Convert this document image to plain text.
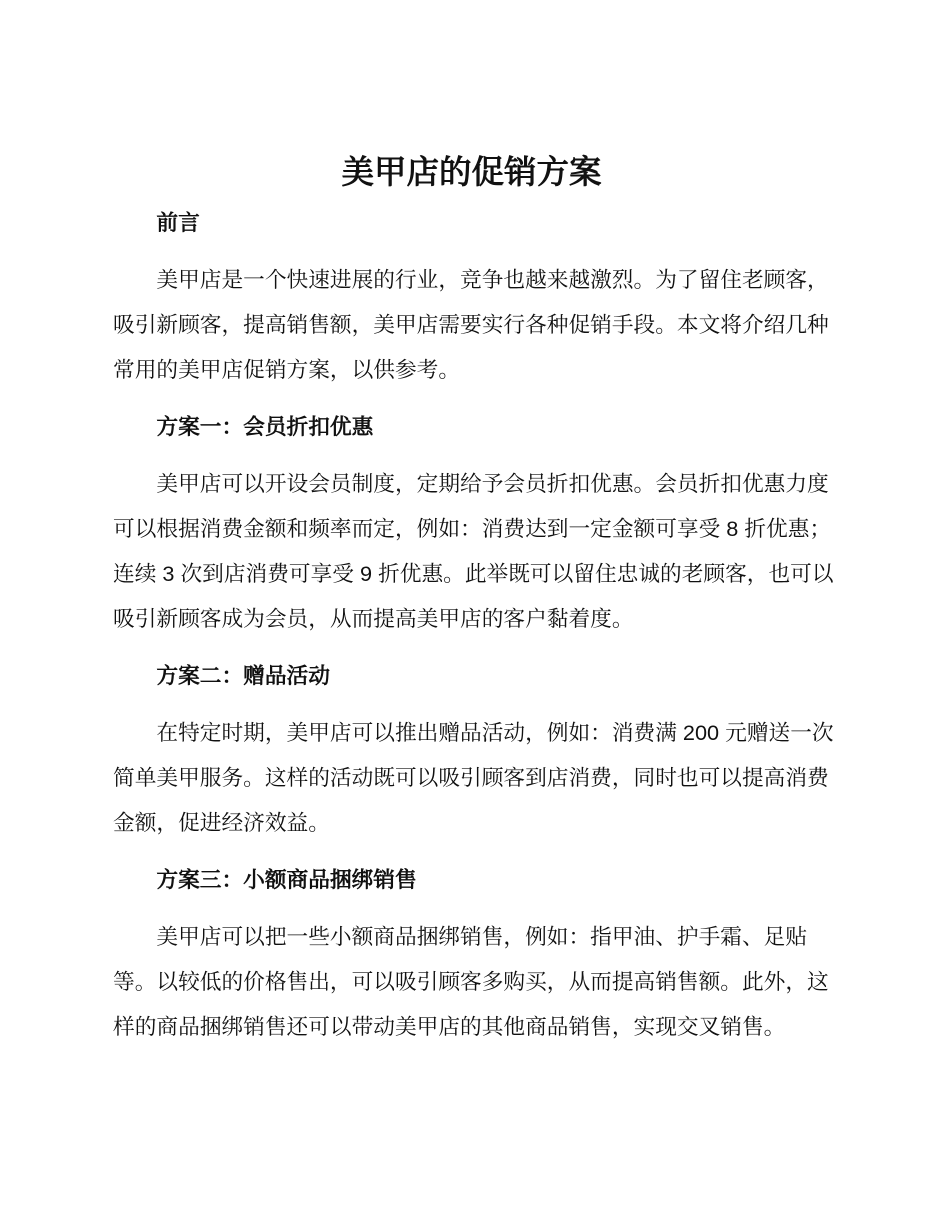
美甲店的促销方案
前言
美甲店是一个快速进展的行业，竞争也越来越激烈。为了留住老顾客，
吸引新顾客，提高销售额，美甲店需要实行各种促销手段。本文将介绍几种
常用的美甲店促销方案，以供参考。
方案一：会员折扣优惠
美甲店可以开设会员制度，定期给予会员折扣优惠。会员折扣优惠力度
可以根据消费金额和频率而定，例如：消费达到一定金额可享受 8 折优惠；
连续 3 次到店消费可享受 9 折优惠。此举既可以留住忠诚的老顾客，也可以
吸引新顾客成为会员，从而提高美甲店的客户黏着度。
方案二：赠品活动
在特定时期，美甲店可以推出赠品活动，例如：消费满 200 元赠送一次
简单美甲服务。这样的活动既可以吸引顾客到店消费，同时也可以提高消费
金额，促进经济效益。
方案三：小额商品捆绑销售
美甲店可以把一些小额商品捆绑销售，例如：指甲油、护手霜、足贴
等。以较低的价格售出，可以吸引顾客多购买，从而提高销售额。此外，这
样的商品捆绑销售还可以带动美甲店的其他商品销售，实现交叉销售。
